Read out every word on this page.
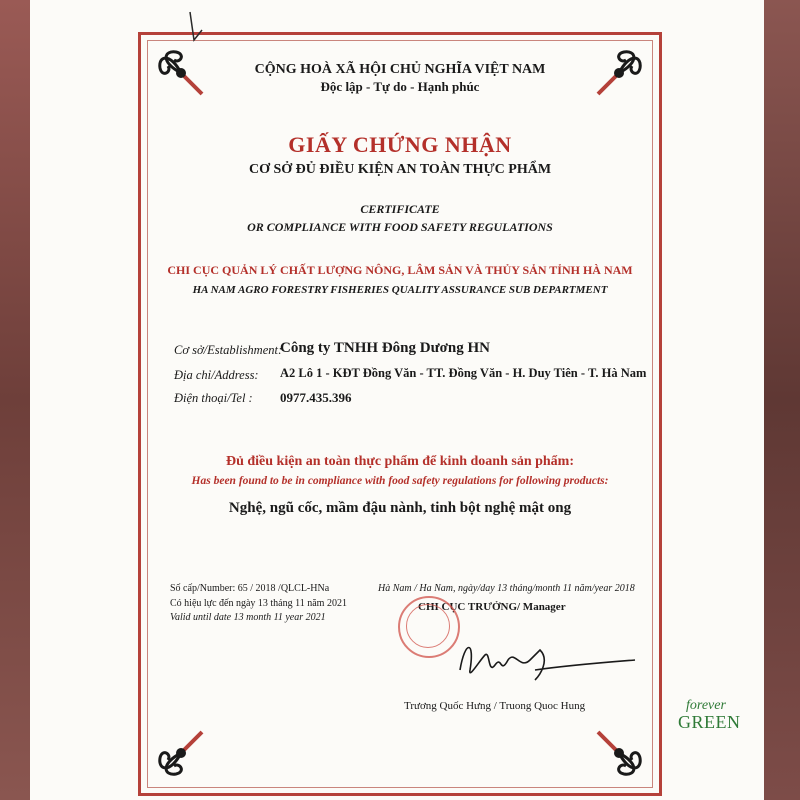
CỘNG HOÀ XÃ HỘI CHỦ NGHĨA VIỆT NAM
Độc lập - Tự do - Hạnh phúc
GIẤY CHỨNG NHẬN
CƠ SỞ ĐỦ ĐIỀU KIỆN AN TOÀN THỰC PHẨM
CERTIFICATE
OR COMPLIANCE WITH FOOD SAFETY REGULATIONS
CHI CỤC QUẢN LÝ CHẤT LƯỢNG NÔNG, LÂM SẢN VÀ THỦY SẢN TỈNH HÀ NAM
HA NAM AGRO FORESTRY FISHERIES QUALITY ASSURANCE SUB DEPARTMENT
Cơ sở/Establishment:
Công ty TNHH Đông Dương HN
Địa chỉ/Address: A2 Lô 1 - KĐT Đồng Văn - TT. Đồng Văn - H. Duy Tiên - T. Hà Nam
Điện thoại/Tel : 0977.435.396
Đủ điều kiện an toàn thực phẩm để kinh doanh sản phẩm:
Has been found to be in compliance with food safety regulations for following products:
Nghệ, ngũ cốc, mầm đậu nành, tinh bột nghệ mật ong
Số cấp/Number: 65 / 2018 /QLCL-HNa
Có hiệu lực đến ngày 13 tháng 11 năm 2021
Valid until date 13 month 11 year 2021
Hà Nam / Ha Nam, ngày/day 13 tháng/month 11 năm/year 2018
CHI CỤC TRƯỞNG/ Manager
Trương Quốc Hưng / Truong Quoc Hung	forever
GREEN
